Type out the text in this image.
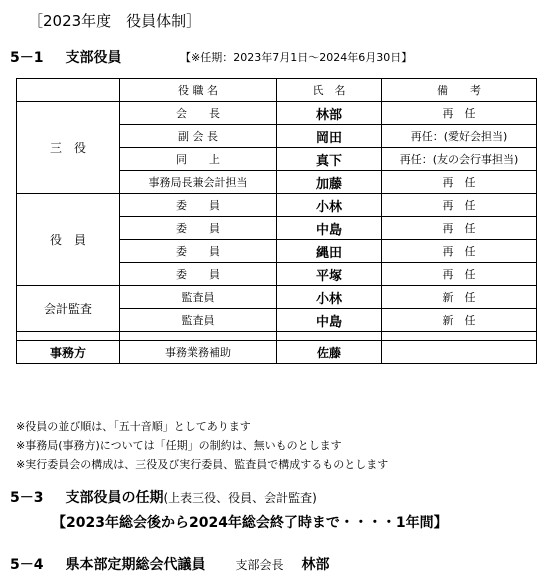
［2023年度　役員体制］
5－1 支部役員	【※任期：2023年7月1日～2024年6月30日】
	役 職 名	氏　名	備　　考
三　役	会　　長	林部	再　任
	副 会 長	岡田	再任：(愛好会担当)
	同　　上	真下	再任：(友の会行事担当)
	事務局長兼会計担当	加藤	再　任
役　員	委　　員	小林	再　任
	委　　員	中島	再　任
	委　　員	縄田	再　任
	委　　員	平塚	再　任
会計監査	監査員	小林	新　任
	監査員	中島	新　任

事務方	事務業務補助	佐藤	
※役員の並び順は、「五十音順」としてあります
※事務局(事務方)については「任期」の制約は、無いものとします
※実行委員会の構成は、三役及び実行委員、監査員で構成するものとします
5－3 支部役員の任期(上表三役、役員、会計監査)
【2023年総会後から2024年総会終了時まで・・・・1年間】
5－4 県本部定期総会代議員	支部会長 林部
